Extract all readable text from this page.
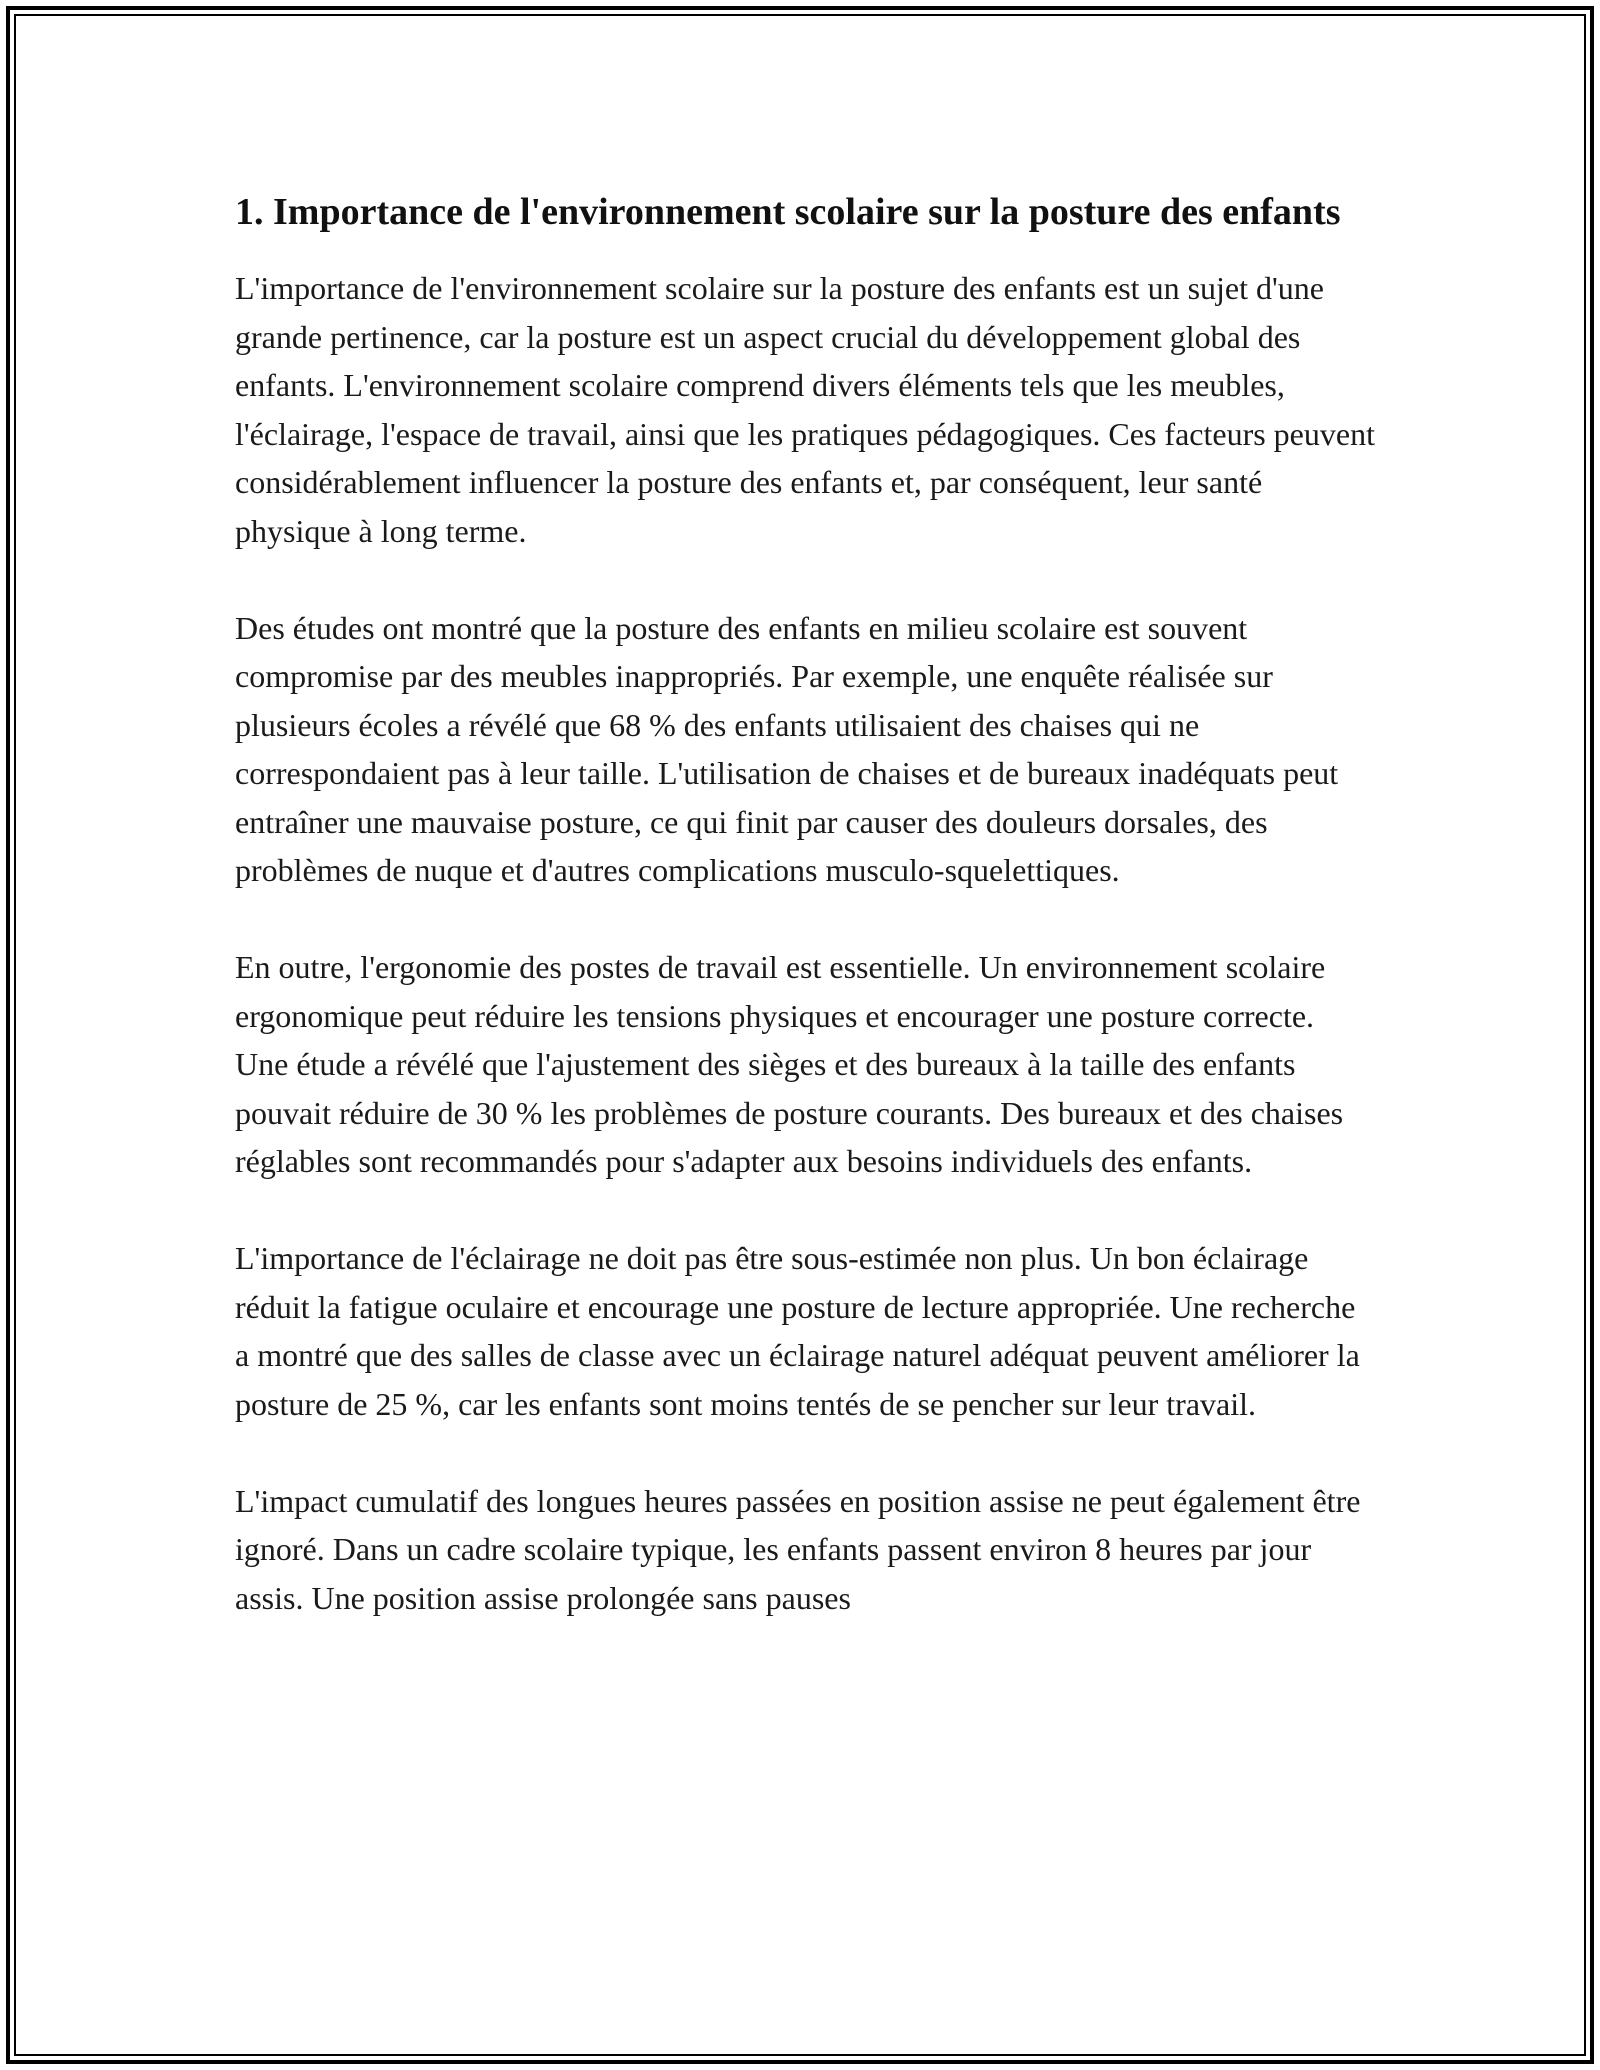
1. Importance de l'environnement scolaire sur la posture des enfants

L'importance de l'environnement scolaire sur la posture des enfants est un sujet d'une grande pertinence, car la posture est un aspect crucial du développement global des enfants. L'environnement scolaire comprend divers éléments tels que les meubles, l'éclairage, l'espace de travail, ainsi que les pratiques pédagogiques. Ces facteurs peuvent considérablement influencer la posture des enfants et, par conséquent, leur santé physique à long terme.

Des études ont montré que la posture des enfants en milieu scolaire est souvent compromise par des meubles inappropriés. Par exemple, une enquête réalisée sur plusieurs écoles a révélé que 68 % des enfants utilisaient des chaises qui ne correspondaient pas à leur taille. L'utilisation de chaises et de bureaux inadéquats peut entraîner une mauvaise posture, ce qui finit par causer des douleurs dorsales, des problèmes de nuque et d'autres complications musculo-squelettiques.

En outre, l'ergonomie des postes de travail est essentielle. Un environnement scolaire ergonomique peut réduire les tensions physiques et encourager une posture correcte. Une étude a révélé que l'ajustement des sièges et des bureaux à la taille des enfants pouvait réduire de 30 % les problèmes de posture courants. Des bureaux et des chaises réglables sont recommandés pour s'adapter aux besoins individuels des enfants.

L'importance de l'éclairage ne doit pas être sous-estimée non plus. Un bon éclairage réduit la fatigue oculaire et encourage une posture de lecture appropriée. Une recherche a montré que des salles de classe avec un éclairage naturel adéquat peuvent améliorer la posture de 25 %, car les enfants sont moins tentés de se pencher sur leur travail.

L'impact cumulatif des longues heures passées en position assise ne peut également être ignoré. Dans un cadre scolaire typique, les enfants passent environ 8 heures par jour assis. Une position assise prolongée sans pauses
